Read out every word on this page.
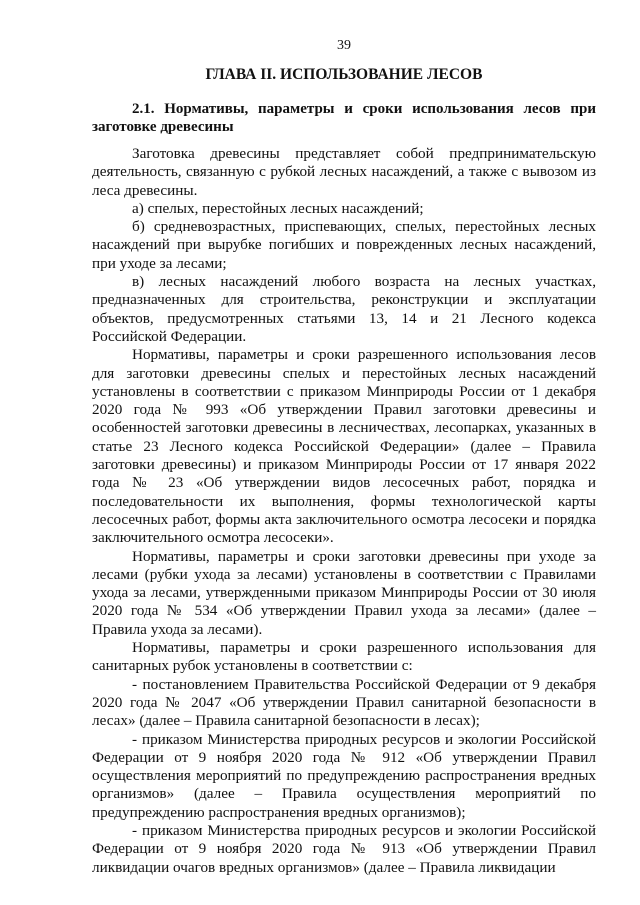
39
ГЛАВА II. ИСПОЛЬЗОВАНИЕ ЛЕСОВ
2.1. Нормативы, параметры и сроки использования лесов при заготовке древесины

Заготовка древесины представляет собой предпринимательскую деятельность, связанную с рубкой лесных насаждений, а также с вывозом из леса древесины.

а) спелых, перестойных лесных насаждений;

б) средневозрастных, приспевающих, спелых, перестойных лесных насаждений при вырубке погибших и поврежденных лесных насаждений, при уходе за лесами;

в) лесных насаждений любого возраста на лесных участках, предназначенных для строительства, реконструкции и эксплуатации объектов, предусмотренных статьями 13, 14 и 21 Лесного кодекса Российской Федерации.

Нормативы, параметры и сроки разрешенного использования лесов для заготовки древесины спелых и перестойных лесных насаждений установлены в соответствии с приказом Минприроды России от 1 декабря 2020 года № 993 «Об утверждении Правил заготовки древесины и особенностей заготовки древесины в лесничествах, лесопарках, указанных в статье 23 Лесного кодекса Российской Федерации» (далее – Правила заготовки древесины) и приказом Минприроды России от 17 января 2022 года № 23 «Об утверждении видов лесосечных работ, порядка и последовательности их выполнения, формы технологической карты лесосечных работ, формы акта заключительного осмотра лесосеки и порядка заключительного осмотра лесосеки».

Нормативы, параметры и сроки заготовки древесины при уходе за лесами (рубки ухода за лесами) установлены в соответствии с Правилами ухода за лесами, утвержденными приказом Минприроды России от 30 июля 2020 года № 534 «Об утверждении Правил ухода за лесами» (далее – Правила ухода за лесами).

Нормативы, параметры и сроки разрешенного использования для санитарных рубок установлены в соответствии с:

- постановлением Правительства Российской Федерации от 9 декабря 2020 года № 2047 «Об утверждении Правил санитарной безопасности в лесах» (далее – Правила санитарной безопасности в лесах);

- приказом Министерства природных ресурсов и экологии Российской Федерации от 9 ноября 2020 года № 912 «Об утверждении Правил осуществления мероприятий по предупреждению распространения вредных организмов» (далее – Правила осуществления мероприятий по предупреждению распространения вредных организмов);

- приказом Министерства природных ресурсов и экологии Российской Федерации от 9 ноября 2020 года № 913 «Об утверждении Правил ликвидации очагов вредных организмов» (далее – Правила ликвидации
